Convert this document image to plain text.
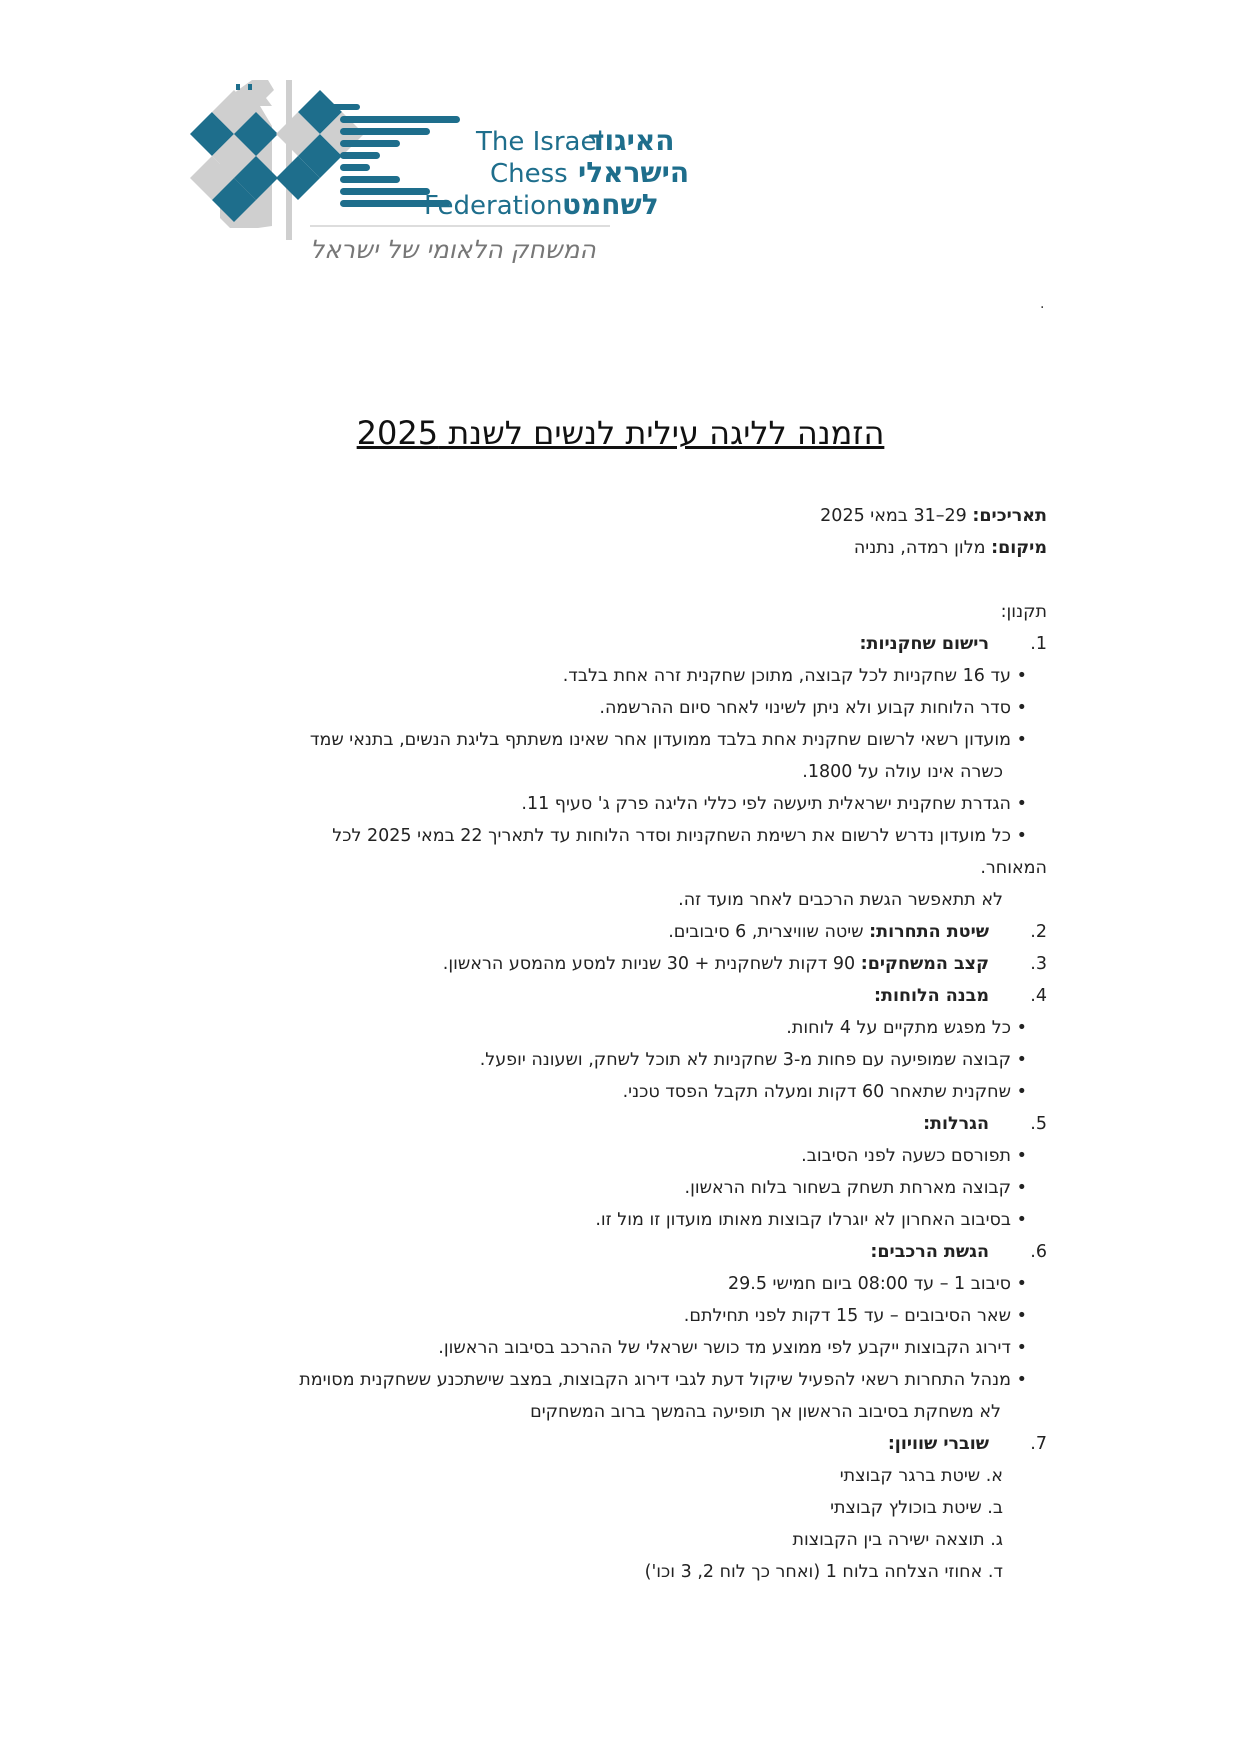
The Israel
האיגוד
Chess הישראלי
Federation לשחמט
המשחק הלאומי של ישראל
.
הזמנה לליגה עילית לנשים לשנת 2025
תאריכים: 29–31 במאי 2025
מיקום: מלון רמדה, נתניה
תקנון:
1.רישום שחקניות:
•עד 16 שחקניות לכל קבוצה, מתוכן שחקנית זרה אחת בלבד.
•סדר הלוחות קבוע ולא ניתן לשינוי לאחר סיום ההרשמה.
•מועדון רשאי לרשום שחקנית אחת בלבד ממועדון אחר שאינו משתתף בליגת הנשים, בתנאי שמד
כשרה אינו עולה על 1800.
•הגדרת שחקנית ישראלית תיעשה לפי כללי הליגה פרק ג' סעיף 11.
•כל מועדון נדרש לרשום את רשימת השחקניות וסדר הלוחות עד לתאריך 22 במאי 2025 לכל
המאוחר.
לא תתאפשר הגשת הרכבים לאחר מועד זה.
2.שיטת התחרות: שיטה שוויצרית, 6 סיבובים.
3.קצב המשחקים: 90 דקות לשחקנית + 30 שניות למסע מהמסע הראשון.
4.מבנה הלוחות:
•כל מפגש מתקיים על 4 לוחות.
•קבוצה שמופיעה עם פחות מ-3 שחקניות לא תוכל לשחק, ושעונה יופעל.
•שחקנית שתאחר 60 דקות ומעלה תקבל הפסד טכני.
5.הגרלות:
•תפורסם כשעה לפני הסיבוב.
•קבוצה מארחת תשחק בשחור בלוח הראשון.
•בסיבוב האחרון לא יוגרלו קבוצות מאותו מועדון זו מול זו.
6.הגשת הרכבים:
•סיבוב 1 – עד 08:00 ביום חמישי 29.5
•שאר הסיבובים – עד 15 דקות לפני תחילתם.
•דירוג הקבוצות ייקבע לפי ממוצע מד כושר ישראלי של ההרכב בסיבוב הראשון.
•מנהל התחרות רשאי להפעיל שיקול דעת לגבי דירוג הקבוצות, במצב שישתכנע ששחקנית מסוימת
לא משחקת בסיבוב הראשון אך תופיעה בהמשך ברוב המשחקים
7.שוברי שוויון:
א. שיטת ברגר קבוצתי
ב. שיטת בוכולץ קבוצתי
ג. תוצאה ישירה בין הקבוצות
ד. אחוזי הצלחה בלוח 1 (ואחר כך לוח 2, 3 וכו')
